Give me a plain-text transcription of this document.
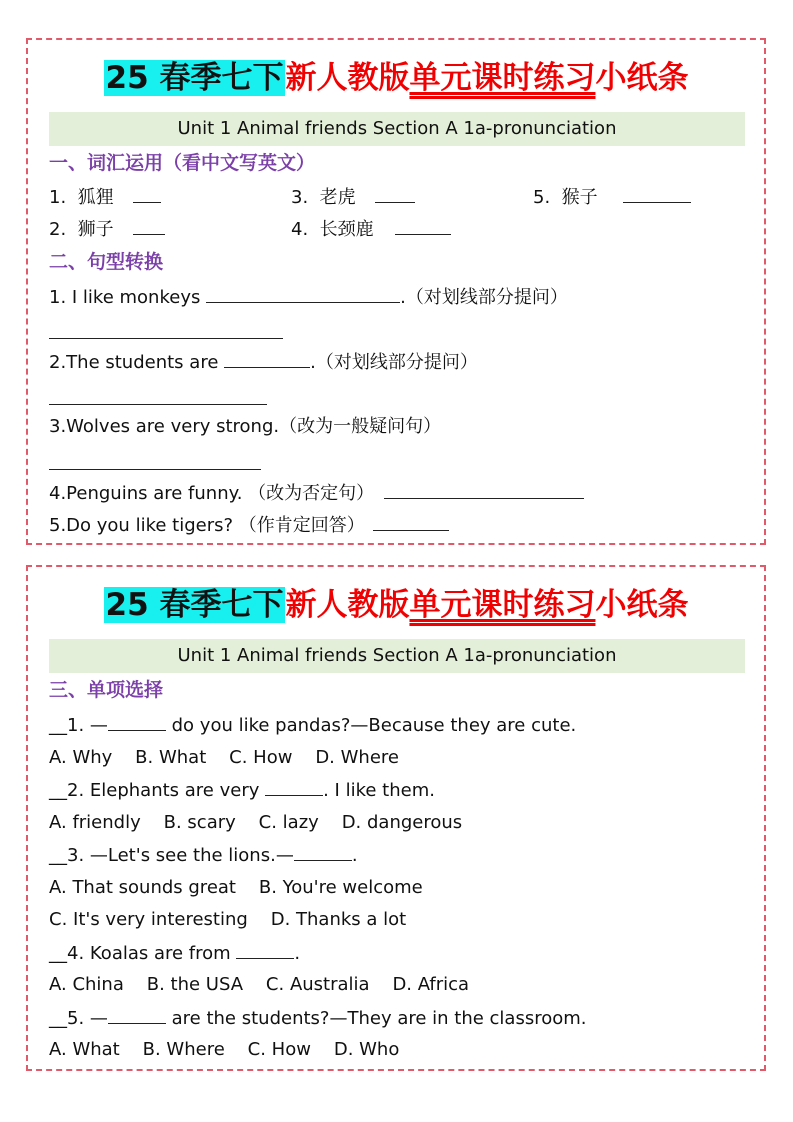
25 春季七下新人教版单元课时练习小纸条
Unit 1 Animal friends Section A 1a-pronunciation
一、词汇运用（看中文写英文）
1. 狐狸	3. 老虎	5. 猴子
2. 狮子	4. 长颈鹿
二、句型转换
1. I like monkeys	.（对划线部分提问）
2.The students are	.（对划线部分提问）
3.Wolves are very strong.（改为一般疑问句）
4.Penguins are funny. （改为否定句）
5.Do you like tigers? （作肯定回答）
25 春季七下新人教版单元课时练习小纸条
Unit 1 Animal friends Section A 1a-pronunciation
三、单项选择
__1. —	do you like pandas?—Because they are cute.
A. Why    B. What    C. How    D. Where
__2. Elephants are very	. I like them.
A. friendly    B. scary    C. lazy    D. dangerous
__3. —Let's see the lions.—	.
A. That sounds great    B. You're welcome
C. It's very interesting    D. Thanks a lot
__4. Koalas are from	.
A. China    B. the USA    C. Australia    D. Africa
__5. —	are the students?—They are in the classroom.
A. What    B. Where    C. How    D. Who
